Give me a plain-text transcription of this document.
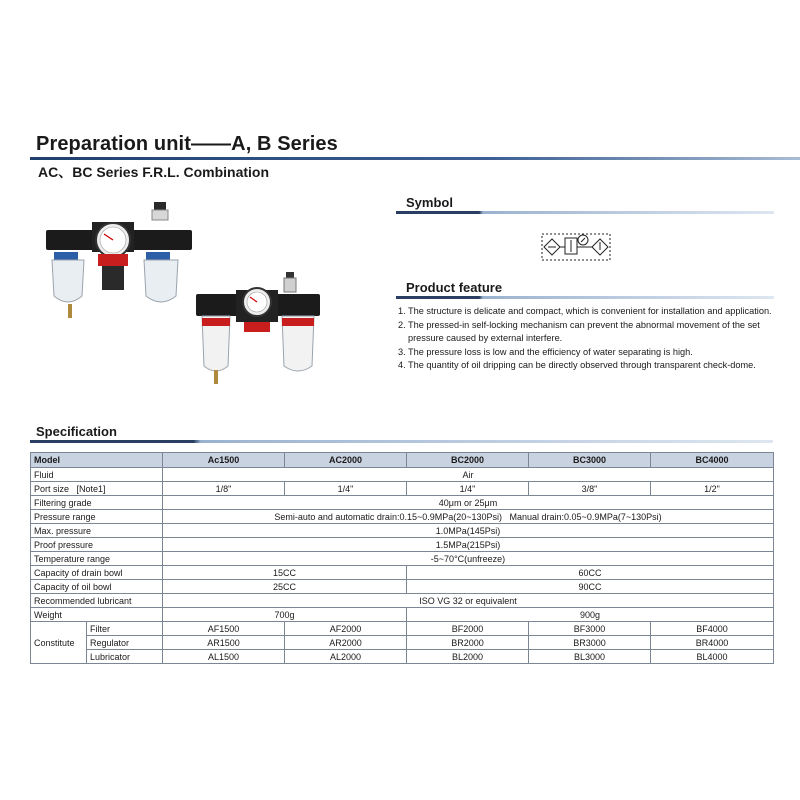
Preparation unit——A, B Series
AC、BC Series F.R.L. Combination
Symbol
Product feature
1. The structure is delicate and compact, which is convenient for installation and application.
2. The pressed-in self-locking mechanism can prevent the abnormal movement of the set pressure caused by external interfere.
3. The pressure loss is low and the efficiency of water separating is high.
4. The quantity of oil dripping can be directly observed through transparent check-dome.
Specification
Model		Ac1500	AC2000	BC2000	BC3000	BC4000
Fluid		Air				
Port size   [Note1]		1/8"	1/4"	1/4"	3/8"	1/2"
Filtering grade		40μm or 25μm				
Pressure range		Semi-auto and automatic drain:0.15~0.9MPa(20~130Psi)   Manual drain:0.05~0.9MPa(7~130Psi)				
Max. pressure		1.0MPa(145Psi)				
Proof pressure		1.5MPa(215Psi)				
Temperature range		-5~70°C(unfreeze)				
Capacity of drain bowl		15CC		60CC		
Capacity of oil bowl		25CC		90CC		
Recommended lubricant		ISO VG 32 or equivalent				
Weight		700g		900g		
Constitute	Filter	AF1500	AF2000	BF2000	BF3000	BF4000
	Regulator	AR1500	AR2000	BR2000	BR3000	BR4000
	Lubricator	AL1500	AL2000	BL2000	BL3000	BL4000
